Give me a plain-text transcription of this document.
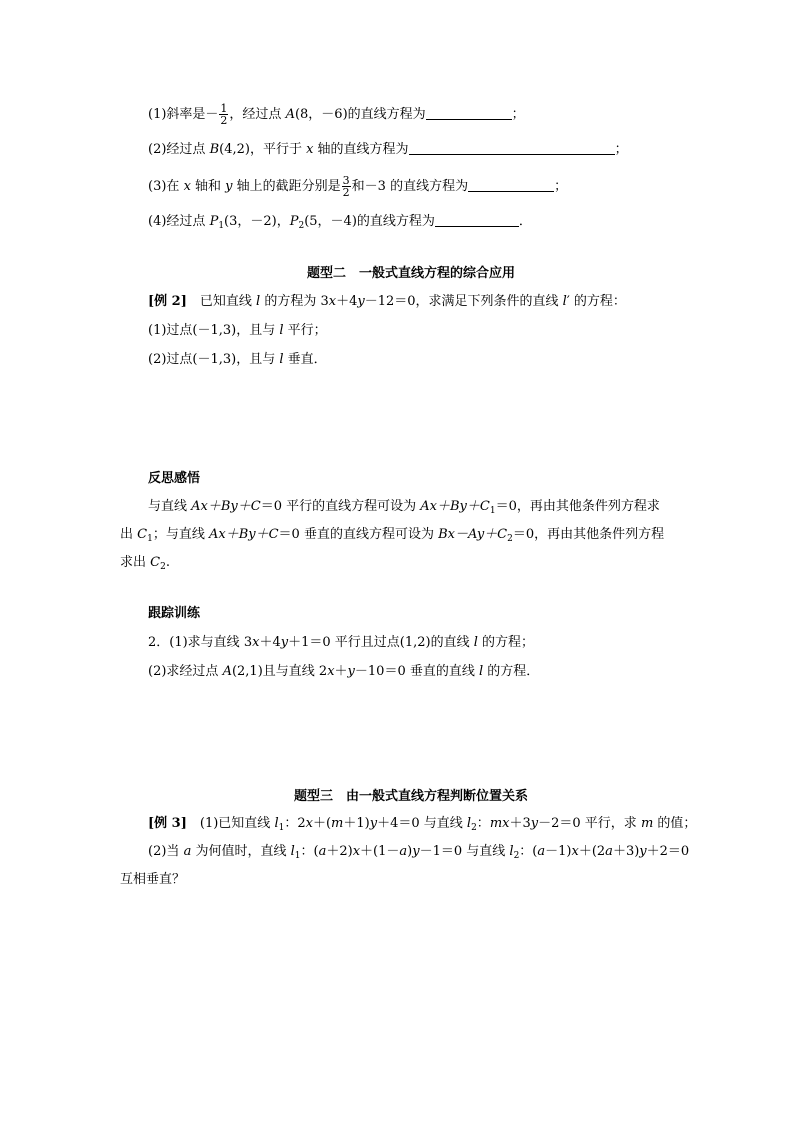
(1)斜率是－ $\frac{1}{2}$ ，经过点 A(8，－6)的直线方程为	；
(2)经过点 B(4,2)，平行于 x 轴的直线方程为	；
(3)在 x 轴和 y 轴上的截距分别是 $\frac{3}{2}$ 和－3 的直线方程为	；
(4)经过点 $P_1(3$，－2)，$P_2(5$，－4)的直线方程为	．
题型二　一般式直线方程的综合应用
[例 2]　已知直线 l 的方程为 3x＋4y－12＝0，求满足下列条件的直线 l′ 的方程：
(1)过点(－1,3)，且与 l 平行；
(2)过点(－1,3)，且与 l 垂直．
反思感悟
与直线 Ax＋By＋C＝0 平行的直线方程可设为 $Ax+By+C_1=0$，再由其他条件列方程求
出 $C_1$；与直线 Ax＋By＋C＝0 垂直的直线方程可设为 $Bx-Ay+C_2=0$，再由其他条件列方程
求出 $C_2$.
跟踪训练
2．(1)求与直线 3x＋4y＋1＝0 平行且过点(1,2)的直线 l 的方程；
(2)求经过点 A(2,1)且与直线 2x＋y－10＝0 垂直的直线 l 的方程．
题型三　由一般式直线方程判断位置关系
[例 3]　(1)已知直线 $l_1$：2x＋(m＋1)y＋4＝0 与直线 $l_2$：mx＋3y－2＝0 平行，求 m 的值；
(2)当 a 为何值时，直线 $l_1$：(a＋2)x＋(1－a)y－1＝0 与直线 $l_2$：(a－1)x＋(2a＋3)y＋2＝0
互相垂直？
